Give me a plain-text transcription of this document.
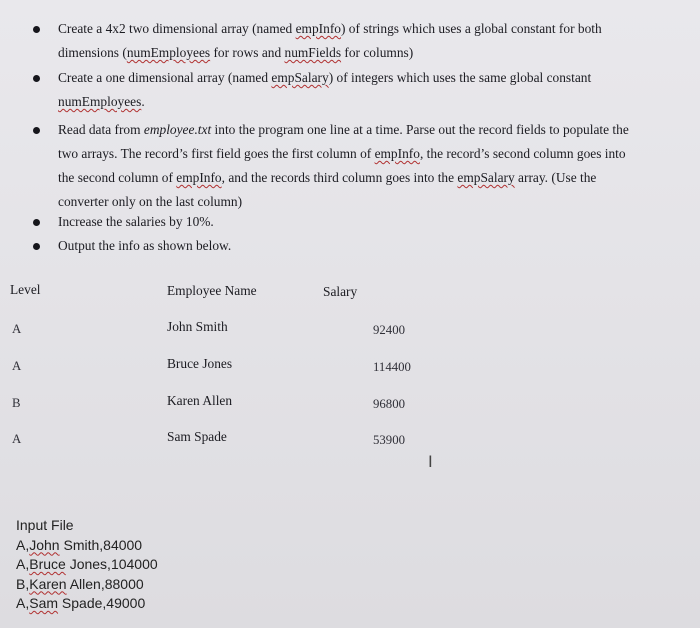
Create a 4x2 two dimensional array (named empInfo) of strings which uses a global constant for both
dimensions (numEmployees for rows and numFields for columns)
Create a one dimensional array (named empSalary) of integers which uses the same global constant
numEmployees.
Read data from employee.txt into the program one line at a time. Parse out the record fields to populate the
two arrays. The record’s first field goes the first column of empInfo, the record’s second column goes into
the second column of empInfo, and the records third column goes into the empSalary array. (Use the
converter only on the last column)
Increase the salaries by 10%.
Output the info as shown below.
Level	Employee Name	Salary
A	John Smith	92400
A	Bruce Jones	114400
B	Karen Allen	96800
A	Sam Spade	53900
I
Input File
A,John Smith,84000
A,Bruce Jones,104000
B,Karen Allen,88000
A,Sam Spade,49000
